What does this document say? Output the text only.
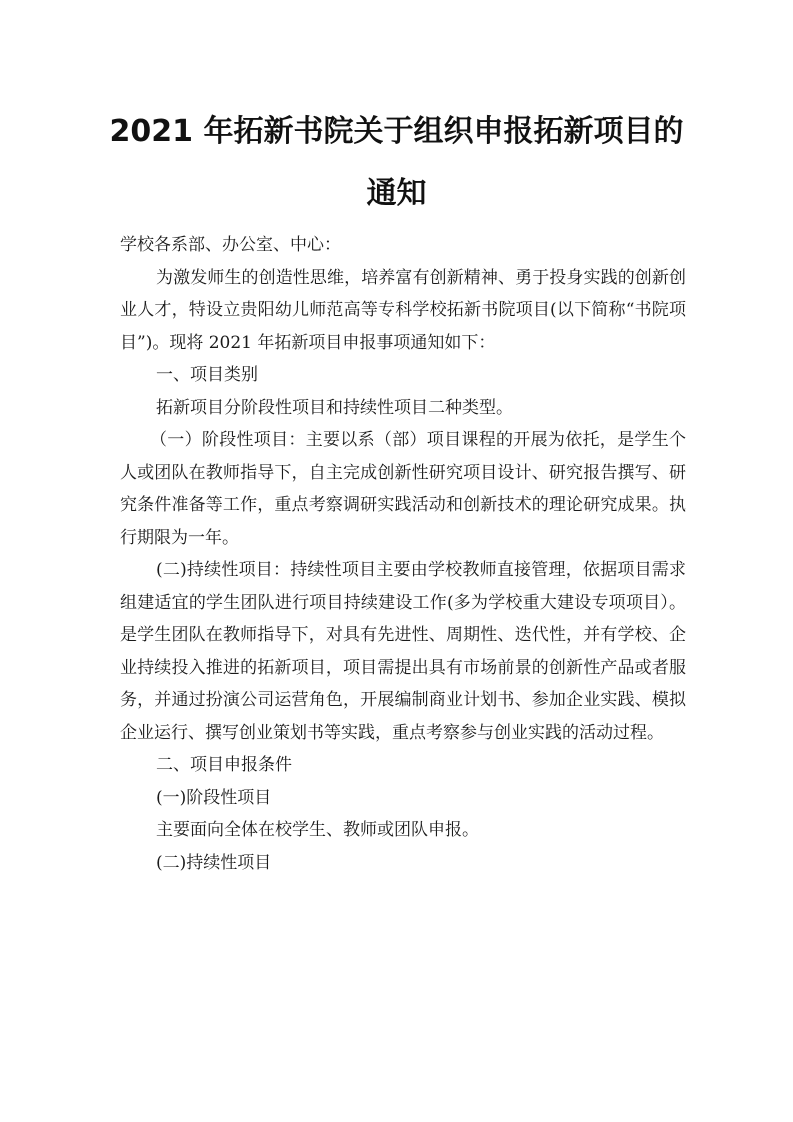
2021 年拓新书院关于组织申报拓新项目的
通知

学校各系部、办公室、中心：

为激发师生的创造性思维，培养富有创新精神、勇于投身实践的创新创业人才，特设立贵阳幼儿师范高等专科学校拓新书院项目(以下简称“书院项目”)。现将 2021 年拓新项目申报事项通知如下：

一、项目类别

拓新项目分阶段性项目和持续性项目二种类型。

（一）阶段性项目：主要以系（部）项目课程的开展为依托，是学生个人或团队在教师指导下，自主完成创新性研究项目设计、研究报告撰写、研究条件准备等工作，重点考察调研实践活动和创新技术的理论研究成果。执行期限为一年。

(二)持续性项目：持续性项目主要由学校教师直接管理，依据项目需求组建适宜的学生团队进行项目持续建设工作(多为学校重大建设专项项目）。是学生团队在教师指导下，对具有先进性、周期性、迭代性，并有学校、企业持续投入推进的拓新项目，项目需提出具有市场前景的创新性产品或者服务，并通过扮演公司运营角色，开展编制商业计划书、参加企业实践、模拟企业运行、撰写创业策划书等实践，重点考察参与创业实践的活动过程。

二、项目申报条件

(一)阶段性项目

主要面向全体在校学生、教师或团队申报。

(二)持续性项目
